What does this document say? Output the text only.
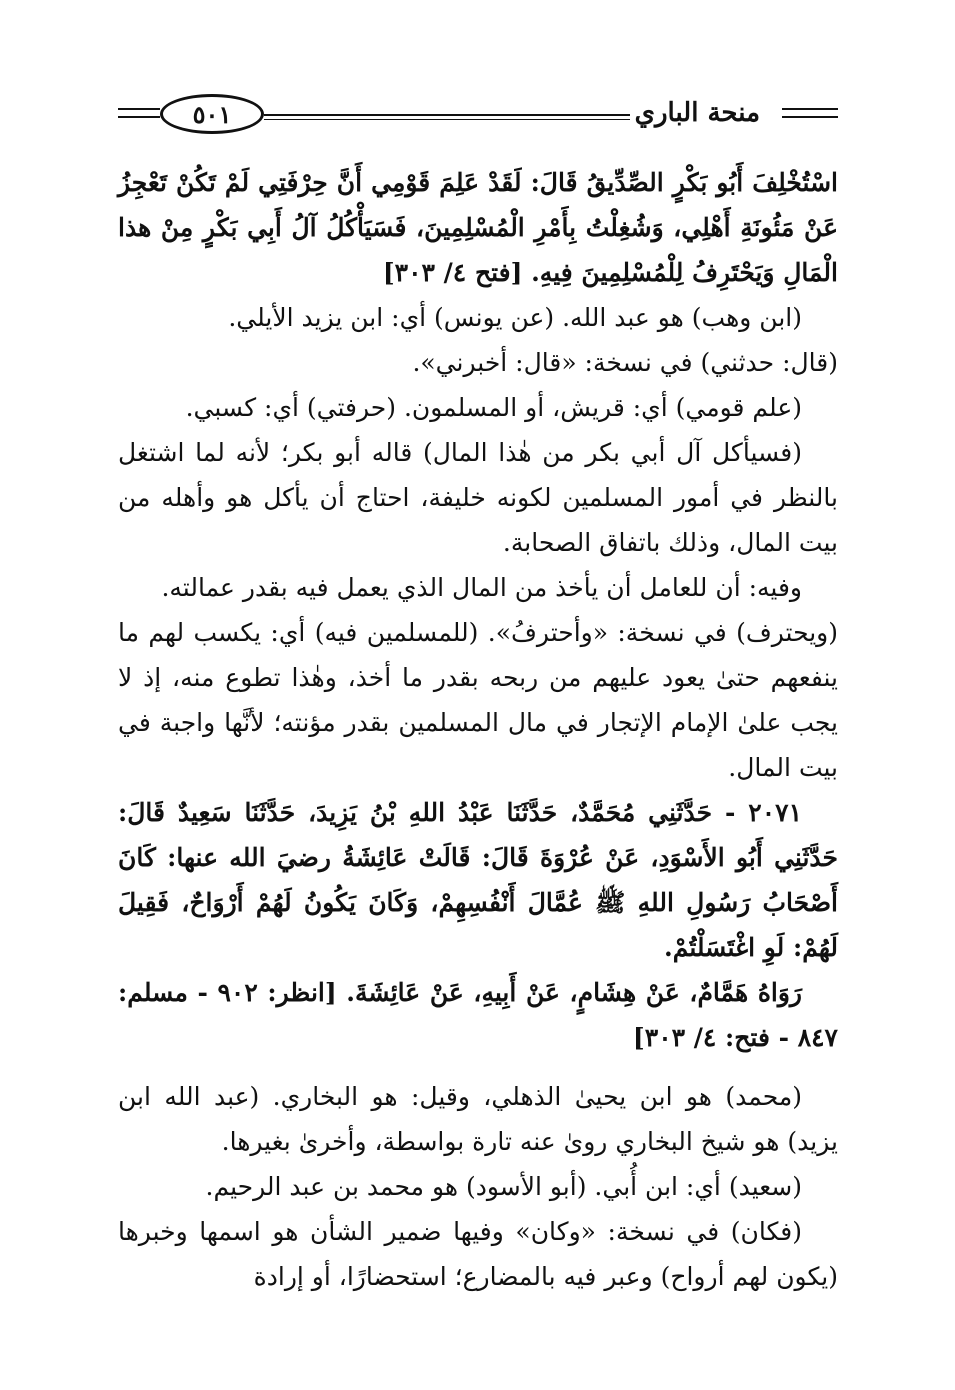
منحة الباري
٥٠١

اسْتُخْلِفَ أَبُو بَكْرٍ الصِّدِّيقُ قَالَ: لَقَدْ عَلِمَ قَوْمِي أَنَّ حِرْفَتِي لَمْ تَكُنْ تَعْجِزُ عَنْ مَئُونَةِ أَهْلِي، وَشُغِلْتُ بِأَمْرِ الْمُسْلِمِينَ، فَسَيَأْكُلُ آلُ أَبِي بَكْرٍ مِنْ هذا الْمَالِ وَيَحْتَرِفُ لِلْمُسْلِمِينَ فِيهِ. [فتح ٤/ ٣٠٣]

(ابن وهب) هو عبد الله. (عن يونس) أي: ابن يزيد الأيلي.

(قال: حدثني) في نسخة: «قال: أخبرني».

(علم قومي) أي: قريش، أو المسلمون. (حرفتي) أي: كسبي.

(فسيأكل آل أبي بكر من هٰذا المال) قاله أبو بكر؛ لأنه لما اشتغل بالنظر في أمور المسلمين لكونه خليفة، احتاج أن يأكل هو وأهله من بيت المال، وذلك باتفاق الصحابة.

وفيه: أن للعامل أن يأخذ من المال الذي يعمل فيه بقدر عمالته.

(ويحترف) في نسخة: «وأحترفُ». (للمسلمين فيه) أي: يكسب لهم ما ينفعهم حتىٰ يعود عليهم من ربحه بقدر ما أخذ، وهٰذا تطوع منه، إذ لا يجب علىٰ الإمام الإتجار في مال المسلمين بقدر مؤنته؛ لأنَّها واجبة في بيت المال.

٢٠٧١ - حَدَّثَنِي مُحَمَّدٌ، حَدَّثَنَا عَبْدُ اللهِ بْنُ يَزِيدَ، حَدَّثَنَا سَعِيدٌ قَالَ: حَدَّثَنِي أَبُو الأَسْوَدِ، عَنْ عُرْوَةَ قَالَ: قَالَتْ عَائِشَةُ رضيَ الله عنها: كَانَ أَصْحَابُ رَسُولِ اللهِ ﷺ عُمَّالَ أَنْفُسِهِمْ، وَكَانَ يَكُونُ لَهُمْ أَرْوَاحٌ، فَقِيلَ لَهُمْ: لَوِ اغْتَسَلْتُمْ.

رَوَاهُ هَمَّامٌ، عَنْ هِشَامٍ، عَنْ أَبِيهِ، عَنْ عَائِشَةَ. [انظر: ٩٠٢ - مسلم: ٨٤٧ - فتح: ٤/ ٣٠٣]

(محمد) هو ابن يحيىٰ الذهلي، وقيل: هو البخاري. (عبد الله ابن يزيد) هو شيخ البخاري روىٰ عنه تارة بواسطة، وأخرىٰ بغيرها.

(سعيد) أي: ابن أُبي. (أبو الأسود) هو محمد بن عبد الرحيم.

(فكان) في نسخة: «وكان» وفيها ضمير الشأن هو اسمها وخبرها (يكون لهم أرواح) وعبر فيه بالمضارع؛ استحضارًا، أو إرادة
